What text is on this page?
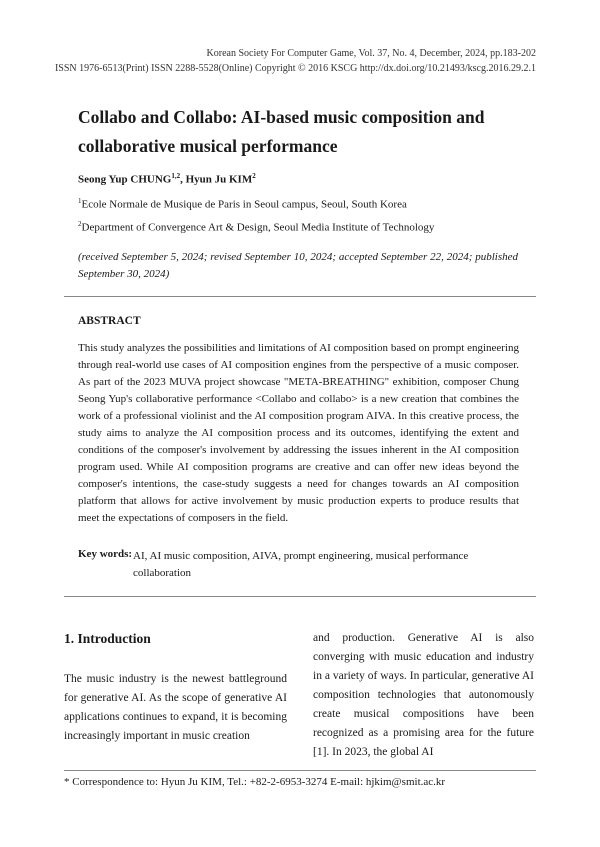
Korean Society For Computer Game, Vol. 37, No. 4, December, 2024, pp.183-202
ISSN 1976-6513(Print) ISSN 2288-5528(Online) Copyright © 2016 KSCG http://dx.doi.org/10.21493/kscg.2016.29.2.1
Collabo and Collabo: AI-based music composition and collaborative musical performance
Seong Yup CHUNG$^{1,2}$, Hyun Ju KIM$^2$
$^1$Ecole Normale de Musique de Paris in Seoul campus, Seoul, South Korea
$^2$Department of Convergence Art & Design, Seoul Media Institute of Technology
(received September 5, 2024; revised September 10, 2024; accepted September 22, 2024; published September 30, 2024)
ABSTRACT
This study analyzes the possibilities and limitations of AI composition based on prompt engineering through real-world use cases of AI composition engines from the perspective of a music composer. As part of the 2023 MUVA project showcase "META-BREATHING" exhibition, composer Chung Seong Yup's collaborative performance <Collabo and collabo> is a new creation that combines the work of a professional violinist and the AI composition program AIVA. In this creative process, the study aims to analyze the AI composition process and its outcomes, identifying the extent and conditions of the composer's involvement by addressing the issues inherent in the AI composition program used. While AI composition programs are creative and can offer new ideas beyond the composer's intentions, the case-study suggests a need for changes towards an AI composition platform that allows for active involvement by music production experts to produce results that meet the expectations of composers in the field.
Key words: AI, AI music composition, AIVA, prompt engineering, musical performance collaboration
1. Introduction
The music industry is the newest battleground for generative AI. As the scope of generative AI applications continues to expand, it is becoming increasingly important in music creation
and production. Generative AI is also converging with music education and industry in a variety of ways. In particular, generative AI composition technologies that autonomously create musical compositions have been recognized as a promising area for the future [1]. In 2023, the global AI
* Correspondence to: Hyun Ju KIM, Tel.: +82-2-6953-3274 E-mail: hjkim@smit.ac.kr
